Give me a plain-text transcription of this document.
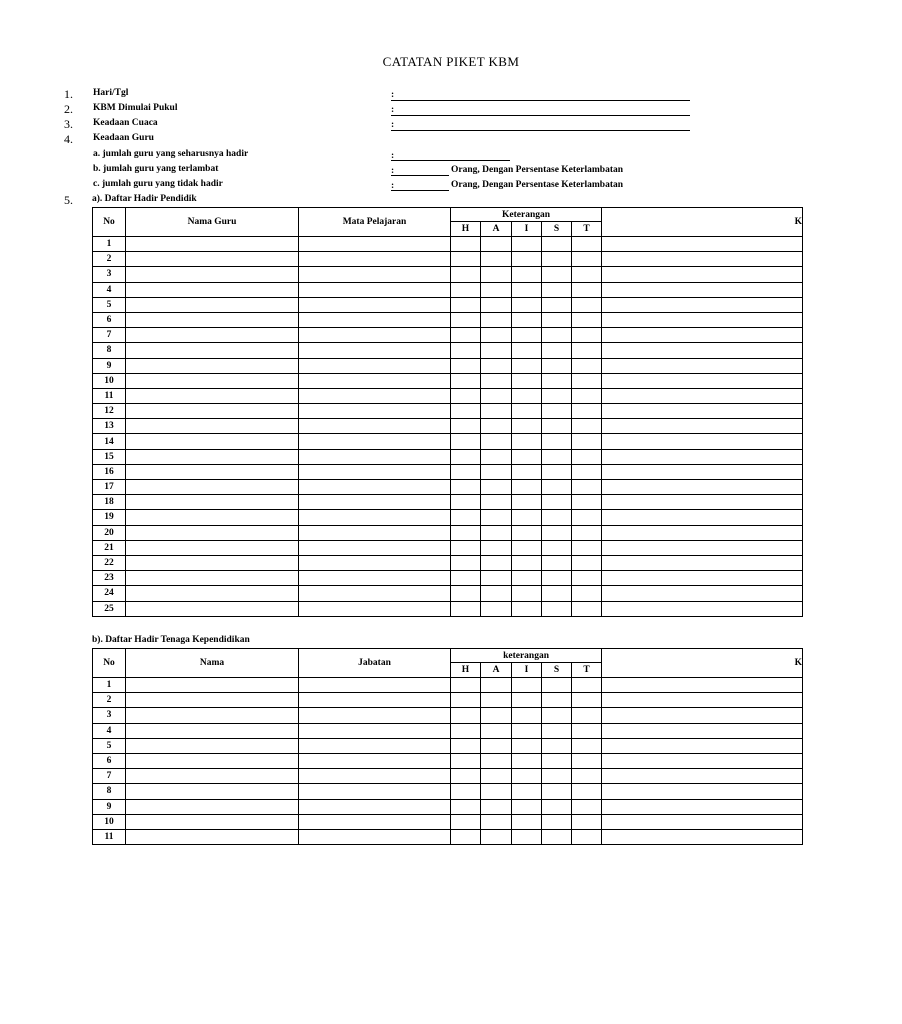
CATATAN PIKET KBM
1. Hari/Tgl	:
2. KBM Dimulai Pukul	:
3. Keadaan Cuaca	:
4. Keadaan Guru
a. jumlah guru yang seharusnya hadir	:
b. jumlah guru yang terlambat	:	Orang, Dengan Persentase Keterlambatan
c. jumlah guru yang tidak hadir	:	Orang, Dengan Persentase Keterlambatan
5. a). Daftar Hadir Pendidik
No	Nama Guru	Mata Pelajaran	Keterangan					K
			H	A	I	S	T	
1								
2								
3								
4								
5								
6								
7								
8								
9								
10								
11								
12								
13								
14								
15								
16								
17								
18								
19								
20								
21								
22								
23								
24								
25								
b). Daftar Hadir Tenaga Kependidikan
No	Nama	Jabatan	keterangan					K
			H	A	I	S	T	
1								
2								
3								
4								
5								
6								
7								
8								
9								
10								
11								
